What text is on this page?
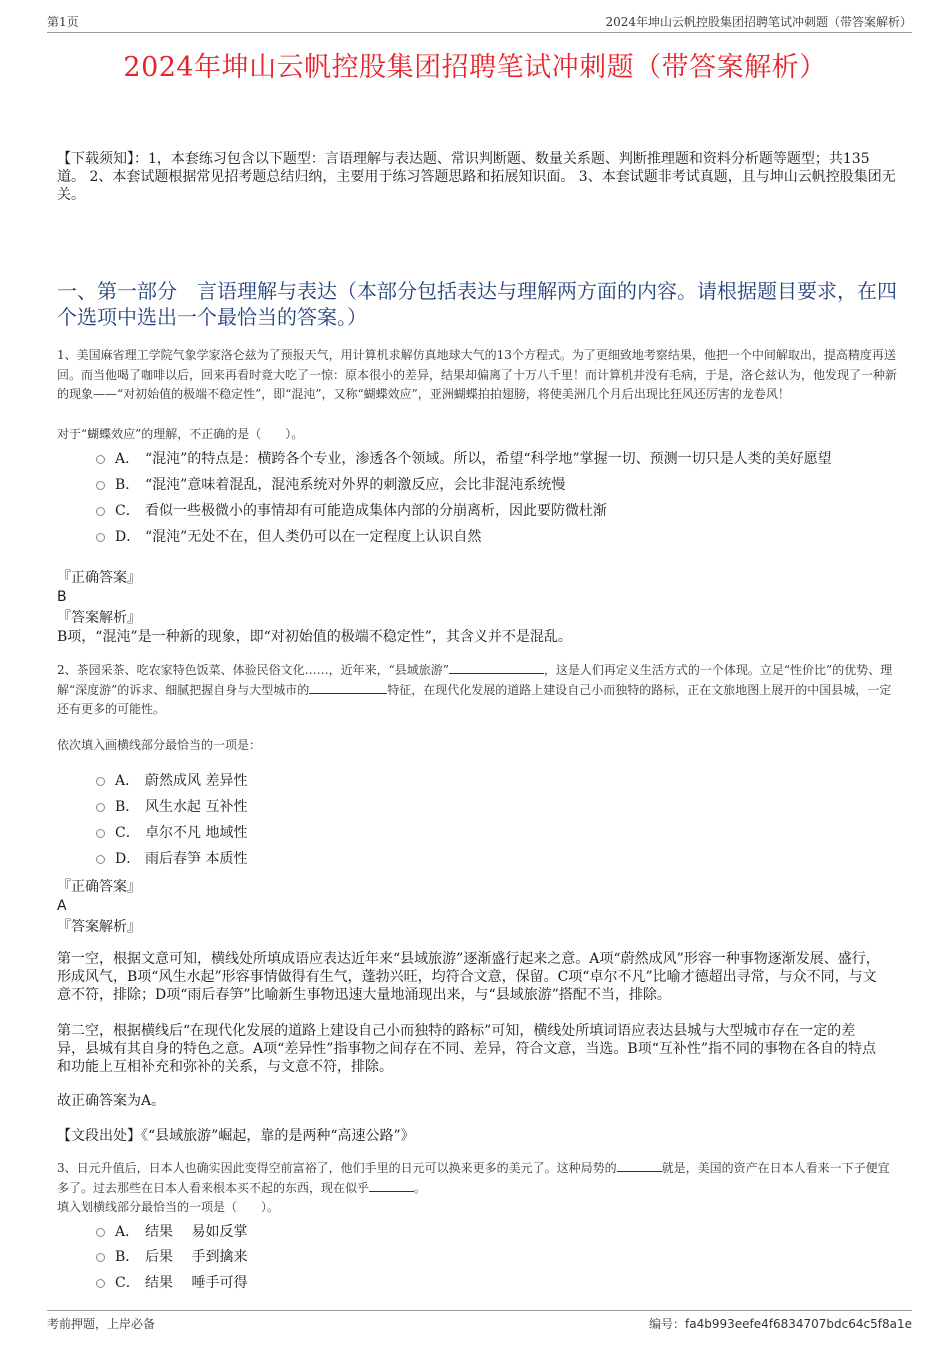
第1页	2024年坤山云帆控股集团招聘笔试冲刺题（带答案解析）
2024年坤山云帆控股集团招聘笔试冲刺题（带答案解析）
【下载须知】：1，本套练习包含以下题型：言语理解与表达题、常识判断题、数量关系题、判断推理题和资料分析题等题型；共135道。 2、本套试题根据常见招考题总结归纳，主要用于练习答题思路和拓展知识面。 3、本套试题非考试真题，且与坤山云帆控股集团无关。
一、第一部分　言语理解与表达（本部分包括表达与理解两方面的内容。请根据题目要求，在四个选项中选出一个最恰当的答案。）
1、美国麻省理工学院气象学家洛仑兹为了预报天气，用计算机求解仿真地球大气的13个方程式。为了更细致地考察结果，他把一个中间解取出，提高精度再送回。而当他喝了咖啡以后，回来再看时竟大吃了一惊：原本很小的差异，结果却偏离了十万八千里！而计算机并没有毛病，于是，洛仑兹认为，他发现了一种新的现象——“对初始值的极端不稳定性”，即“混沌”，又称“蝴蝶效应”，亚洲蝴蝶拍拍翅膀，将使美洲几个月后出现比狂风还厉害的龙卷风！
对于“蝴蝶效应”的理解，不正确的是（　　）。
A． “混沌”的特点是：横跨各个专业，渗透各个领域。所以，希望“科学地”掌握一切、预测一切只是人类的美好愿望
B． “混沌”意味着混乱，混沌系统对外界的刺激反应，会比非混沌系统慢
C． 看似一些极微小的事情却有可能造成集体内部的分崩离析，因此要防微杜渐
D． “混沌”无处不在，但人类仍可以在一定程度上认识自然
『正确答案』
B
『答案解析』
B项，“混沌”是一种新的现象，即“对初始值的极端不稳定性”，其含义并不是混乱。
2、茶园采茶、吃农家特色饭菜、体验民俗文化……，近年来，“县域旅游”	，这是人们再定义生活方式的一个体现。立足“性价比”的优势、理解“深度游”的诉求、细腻把握自身与大型城市的	特征，在现代化发展的道路上建设自己小而独特的路标，正在文旅地图上展开的中国县城，一定还有更多的可能性。
依次填入画横线部分最恰当的一项是：
A． 蔚然成风 差异性
B． 风生水起 互补性
C． 卓尔不凡 地域性
D． 雨后春笋 本质性
『正确答案』
A
『答案解析』
第一空，根据文意可知，横线处所填成语应表达近年来“县域旅游”逐渐盛行起来之意。A项“蔚然成风”形容一种事物逐渐发展、盛行，形成风气，B项“风生水起”形容事情做得有生气，蓬勃兴旺，均符合文意，保留。C项“卓尔不凡”比喻才德超出寻常，与众不同，与文意不符，排除；D项“雨后春笋”比喻新生事物迅速大量地涌现出来，与“县域旅游”搭配不当，排除。
第二空，根据横线后“在现代化发展的道路上建设自己小而独特的路标”可知，横线处所填词语应表达县城与大型城市存在一定的差异，县城有其自身的特色之意。A项“差异性”指事物之间存在不同、差异，符合文意，当选。B项“互补性”指不同的事物在各自的特点和功能上互相补充和弥补的关系，与文意不符，排除。
故正确答案为A。
【文段出处】《“县域旅游”崛起，靠的是两种“高速公路”》
3、日元升值后，日本人也确实因此变得空前富裕了，他们手里的日元可以换来更多的美元了。这种局势的	就是，美国的资产在日本人看来一下子便宜多了。过去那些在日本人看来根本买不起的东西，现在似乎	。
填入划横线部分最恰当的一项是（　　）。
A． 结果　 易如反掌
B． 后果　 手到擒来
C． 结果　 唾手可得
考前押题，上岸必备	编号：fa4b993eefe4f6834707bdc64c5f8a1e
